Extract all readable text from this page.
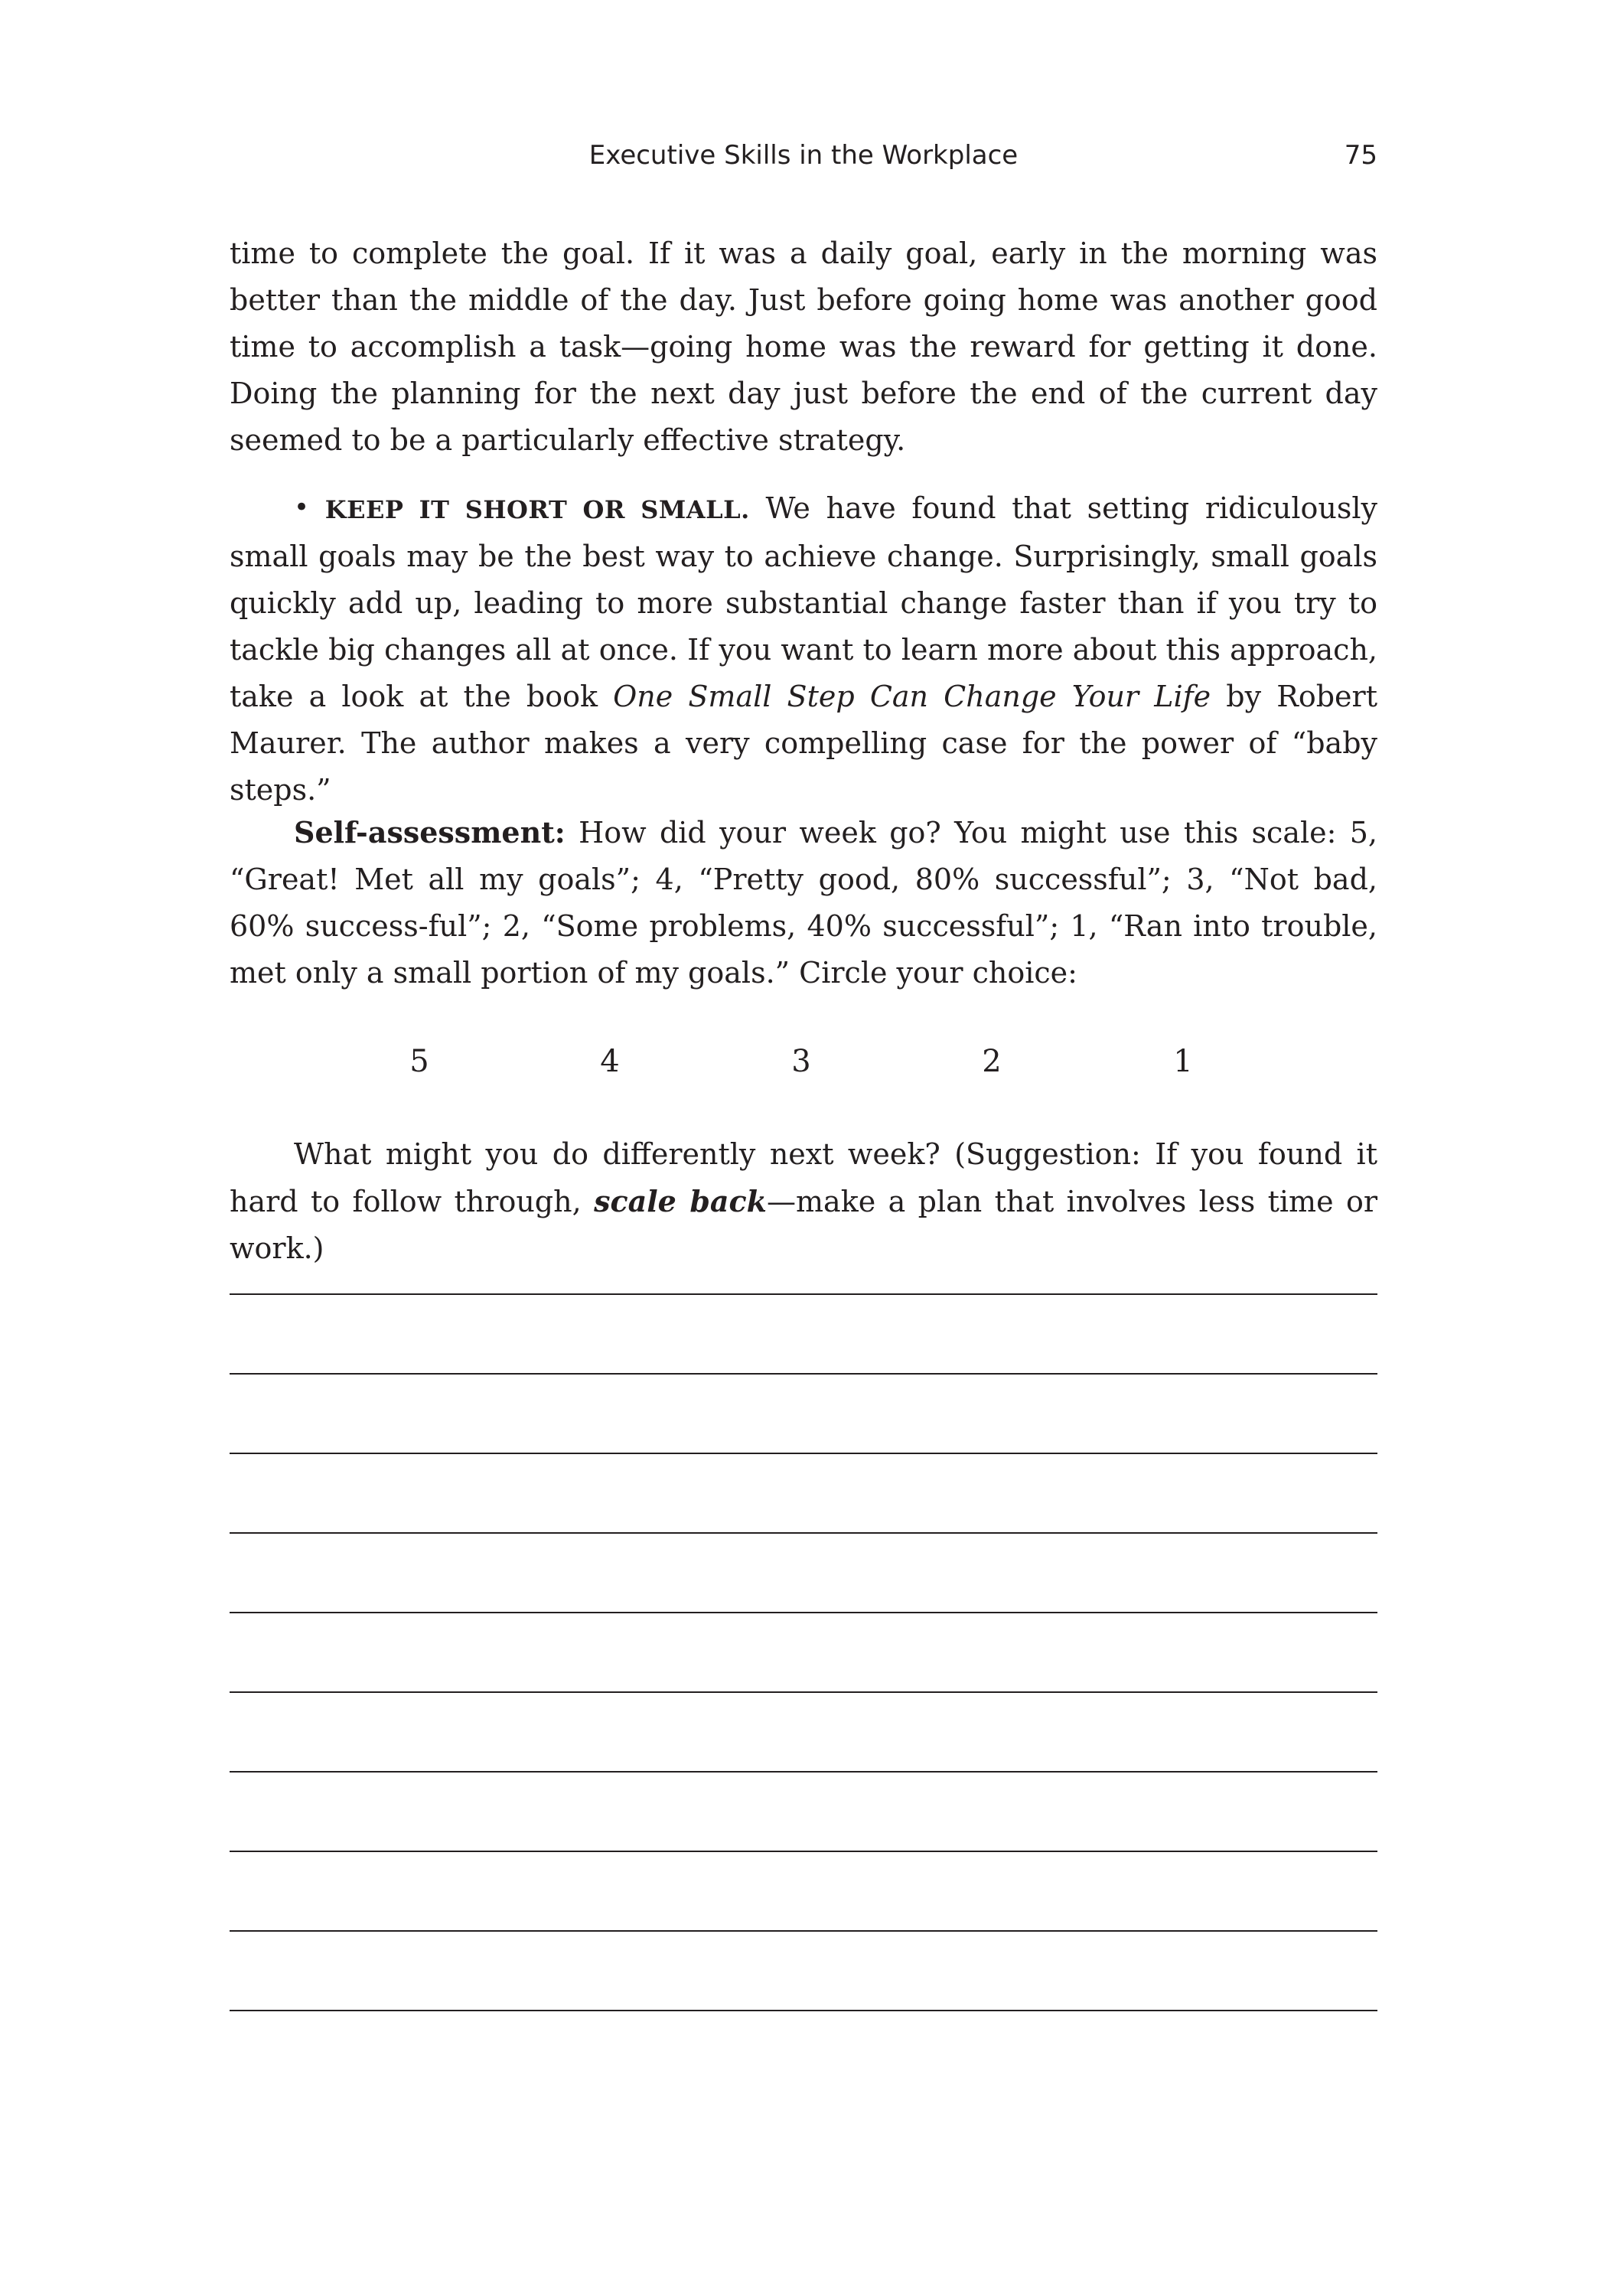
Executive Skills in the Workplace	75

time to complete the goal. If it was a daily goal, early in the morning was better than the middle of the day. Just before going home was another good time to accomplish a task—going home was the reward for getting it done. Doing the planning for the next day just before the end of the current day seemed to be a particularly effective strategy.

• KEEP IT SHORT OR SMALL. We have found that setting ridiculously small goals may be the best way to achieve change. Surprisingly, small goals quickly add up, leading to more substantial change faster than if you try to tackle big changes all at once. If you want to learn more about this approach, take a look at the book One Small Step Can Change Your Life by Robert Maurer. The author makes a very compelling case for the power of “baby steps.”

Self-assessment: How did your week go? You might use this scale: 5, “Great! Met all my goals”; 4, “Pretty good, 80% successful”; 3, “Not bad, 60% success-ful”; 2, “Some problems, 40% successful”; 1, “Ran into trouble, met only a small portion of my goals.” Circle your choice:

5	4	3	2	1

What might you do differently next week? (Suggestion: If you found it hard to follow through, scale back—make a plan that involves less time or work.)
